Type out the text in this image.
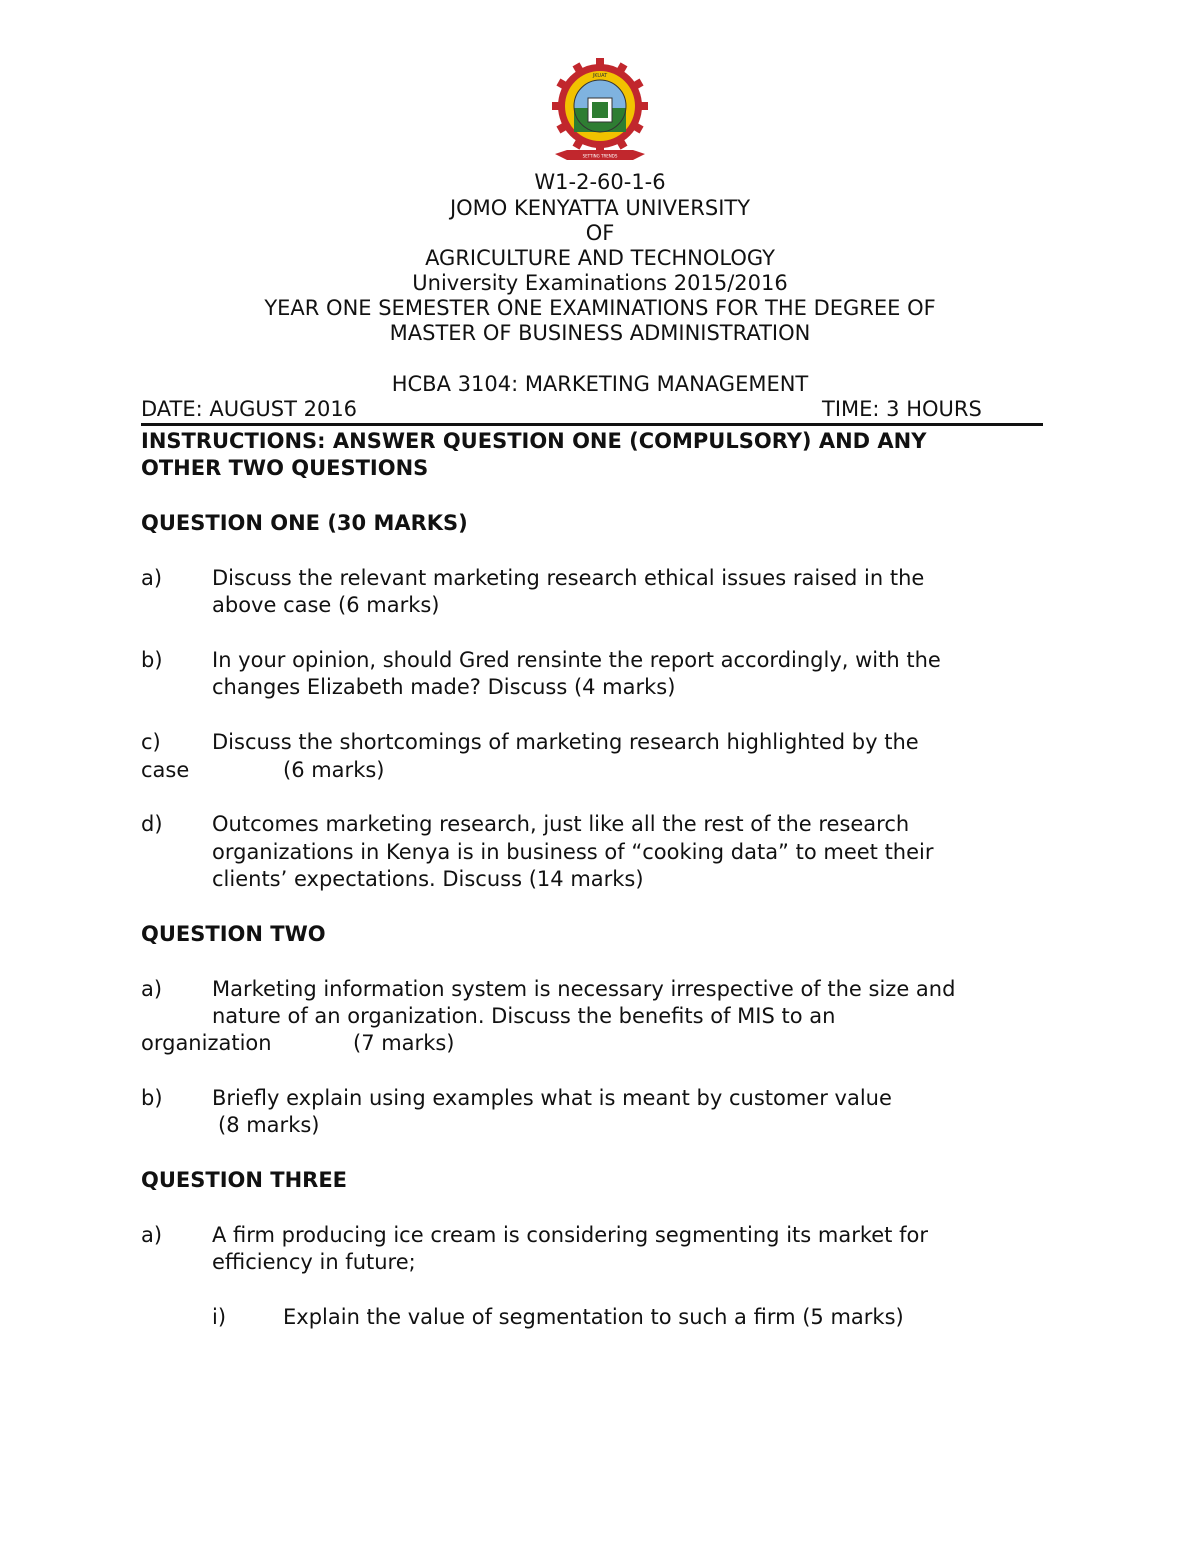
JKUAT
SETTING TRENDS
W1-2-60-1-6
JOMO KENYATTA UNIVERSITY
OF
AGRICULTURE AND TECHNOLOGY
University Examinations 2015/2016
YEAR ONE SEMESTER ONE EXAMINATIONS FOR THE DEGREE OF
MASTER OF BUSINESS ADMINISTRATION
HCBA 3104: MARKETING MANAGEMENT
DATE: AUGUST 2016	TIME: 3 HOURS
INSTRUCTIONS: ANSWER QUESTION ONE (COMPULSORY) AND ANY
OTHER TWO QUESTIONS
QUESTION ONE (30 MARKS)
a) Discuss the relevant marketing research ethical issues raised in the
above case (6 marks)
b) In your opinion, should Gred rensinte the report accordingly, with the
changes Elizabeth made? Discuss (4 marks)
c) Discuss the shortcomings of marketing research highlighted by the
case	(6 marks)
d) Outcomes marketing research, just like all the rest of the research
organizations in Kenya is in business of “cooking data” to meet their
clients’ expectations. Discuss (14 marks)
QUESTION TWO
a) Marketing information system is necessary irrespective of the size and
nature of an organization. Discuss the benefits of MIS to an
organization	(7 marks)
b) Briefly explain using examples what is meant by customer value
(8 marks)
QUESTION THREE
a) A firm producing ice cream is considering segmenting its market for
efficiency in future;
i)	Explain the value of segmentation to such a firm (5 marks)
